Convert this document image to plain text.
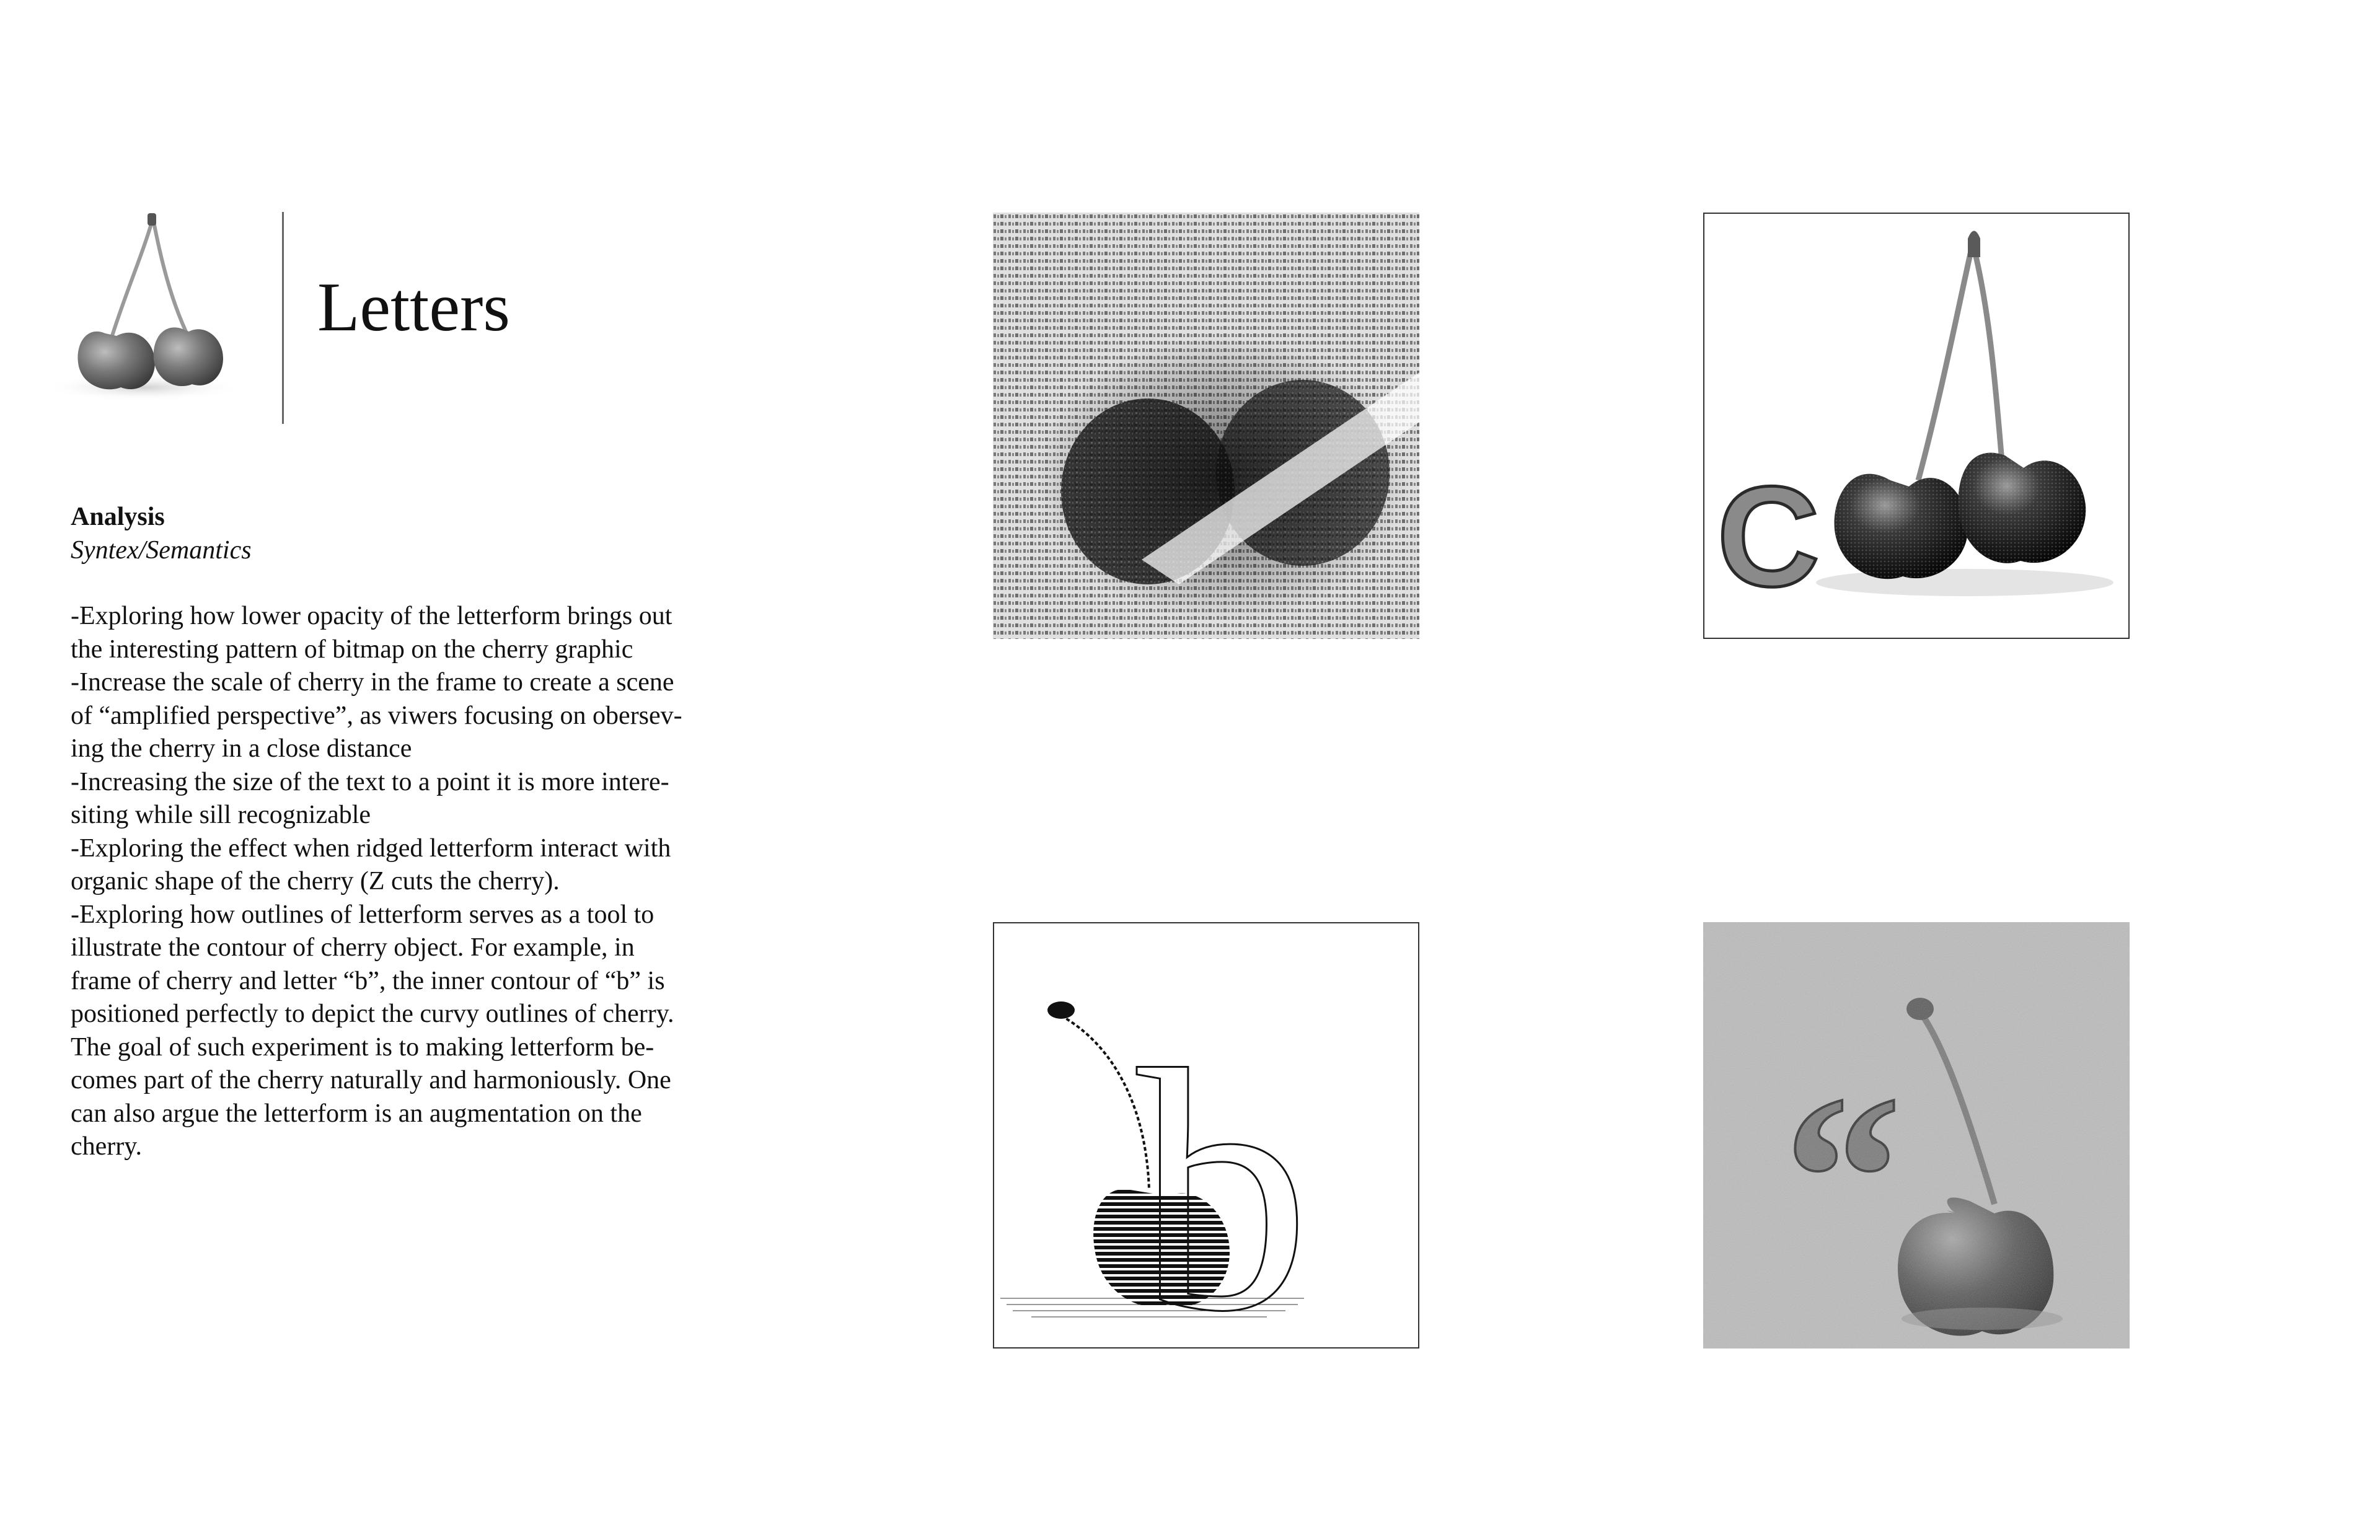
Letters

Analysis

Syntex/Semantics

-Exploring how lower opacity of the letterform brings out

the interesting pattern of bitmap on the cherry graphic

-Increase the scale of cherry in the frame to create a scene

of “amplified perspective”, as viwers focusing on obersev-

ing the cherry in a close distance

-Increasing the size of the text to a point it is more intere-

siting while sill recognizable

-Exploring the effect when ridged letterform interact with

organic shape of the cherry (Z cuts the cherry).

-Exploring how outlines of letterform serves as a tool to

illustrate the contour of cherry object. For example, in

frame of cherry and letter “b”, the inner contour of “b” is

positioned perfectly to depict the curvy outlines of cherry.

The goal of such experiment is to making letterform be-

comes part of the cherry naturally and harmoniously. One

can also argue the letterform is an augmentation on the

cherry.

C
b
